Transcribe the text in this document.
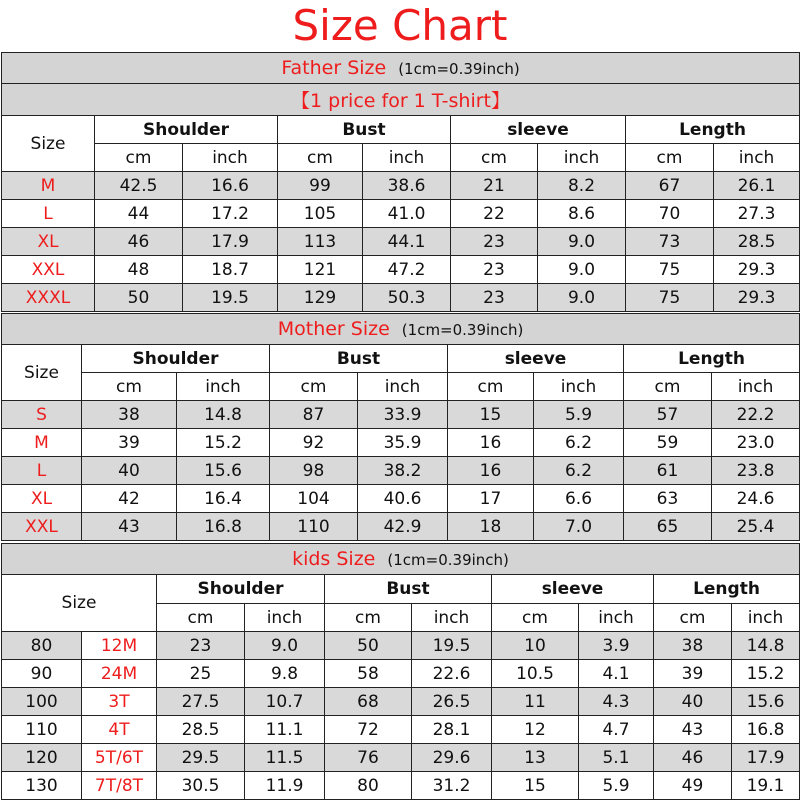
Size Chart
Father Size (1cm=0.39inch)								
【1 price for 1 T-shirt】								
Size	Shoulder		Bust		sleeve		Length	
	cm	inch	cm	inch	cm	inch	cm	inch
M	42.5	16.6	99	38.6	21	8.2	67	26.1
L	44	17.2	105	41.0	22	8.6	70	27.3
XL	46	17.9	113	44.1	23	9.0	73	28.5
XXL	48	18.7	121	47.2	23	9.0	75	29.3
XXXL	50	19.5	129	50.3	23	9.0	75	29.3
Mother Size (1cm=0.39inch)								
Size	Shoulder		Bust		sleeve		Length	
	cm	inch	cm	inch	cm	inch	cm	inch
S	38	14.8	87	33.9	15	5.9	57	22.2
M	39	15.2	92	35.9	16	6.2	59	23.0
L	40	15.6	98	38.2	16	6.2	61	23.8
XL	42	16.4	104	40.6	17	6.6	63	24.6
XXL	43	16.8	110	42.9	18	7.0	65	25.4
kids Size (1cm=0.39inch)									
Size		Shoulder		Bust		sleeve		Length	
		cm	inch	cm	inch	cm	inch	cm	inch
80	12M	23	9.0	50	19.5	10	3.9	38	14.8
90	24M	25	9.8	58	22.6	10.5	4.1	39	15.2
100	3T	27.5	10.7	68	26.5	11	4.3	40	15.6
110	4T	28.5	11.1	72	28.1	12	4.7	43	16.8
120	5T/6T	29.5	11.5	76	29.6	13	5.1	46	17.9
130	7T/8T	30.5	11.9	80	31.2	15	5.9	49	19.1
